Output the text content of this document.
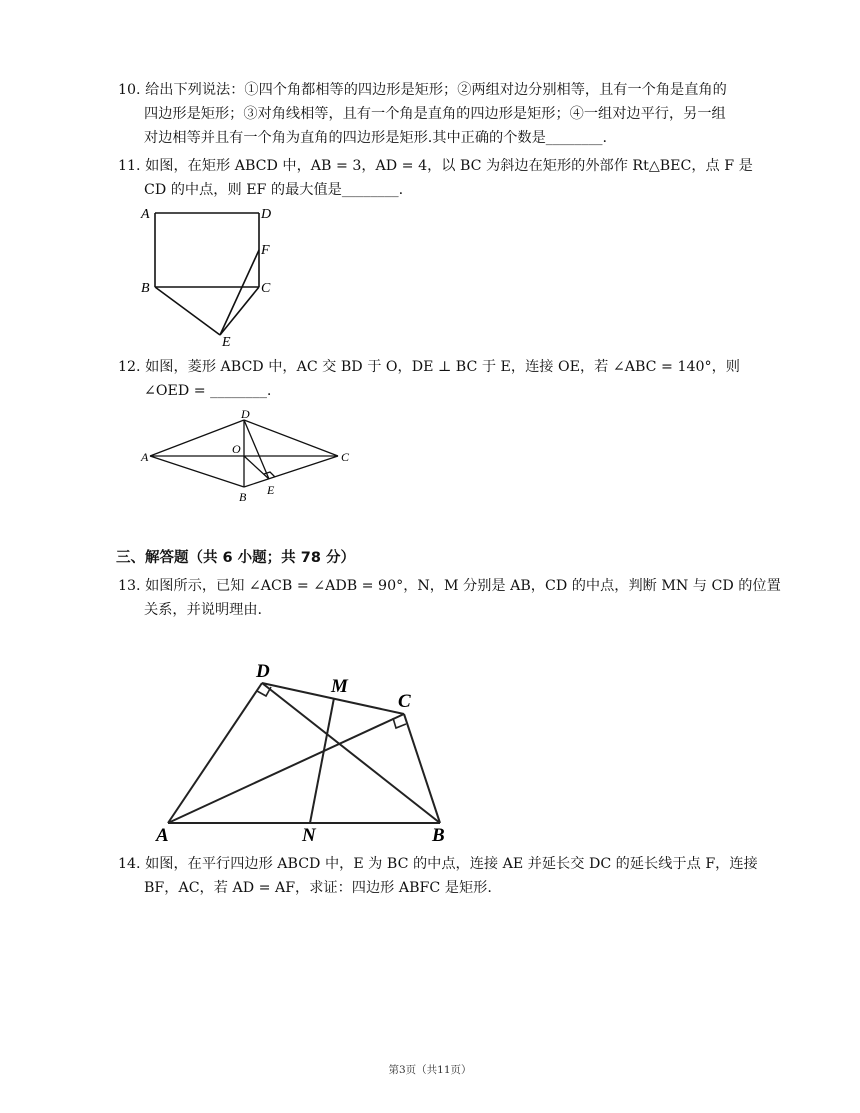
10. 给出下列说法：①四个角都相等的四边形是矩形；②两组对边分别相等，且有一个角是直角的
四边形是矩形；③对角线相等，且有一个角是直角的四边形是矩形；④一组对边平行，另一组
对边相等并且有一个角为直角的四边形是矩形.其中正确的个数是________.
11. 如图，在矩形 ABCD 中，AB = 3，AD = 4，以 BC 为斜边在矩形的外部作 Rt△BEC，点 F 是
CD 的中点，则 EF 的最大值是________.
A	D
F
B	C
E
12. 如图，菱形 ABCD 中，AC 交 BD 于 O，DE ⊥ BC 于 E，连接 OE，若 ∠ABC = 140°，则
∠OED = ________.
A
D
C
O
B E
三、解答题（共 6 小题；共 78 分）
13. 如图所示，已知 ∠ACB = ∠ADB = 90°，N，M 分别是 AB，CD 的中点，判断 MN 与 CD 的位置
关系，并说明理由.
D
M
C
A	N	B
14. 如图，在平行四边形 ABCD 中，E 为 BC 的中点，连接 AE 并延长交 DC 的延长线于点 F，连接
BF，AC，若 AD = AF，求证：四边形 ABFC 是矩形.
第3页（共11页）
